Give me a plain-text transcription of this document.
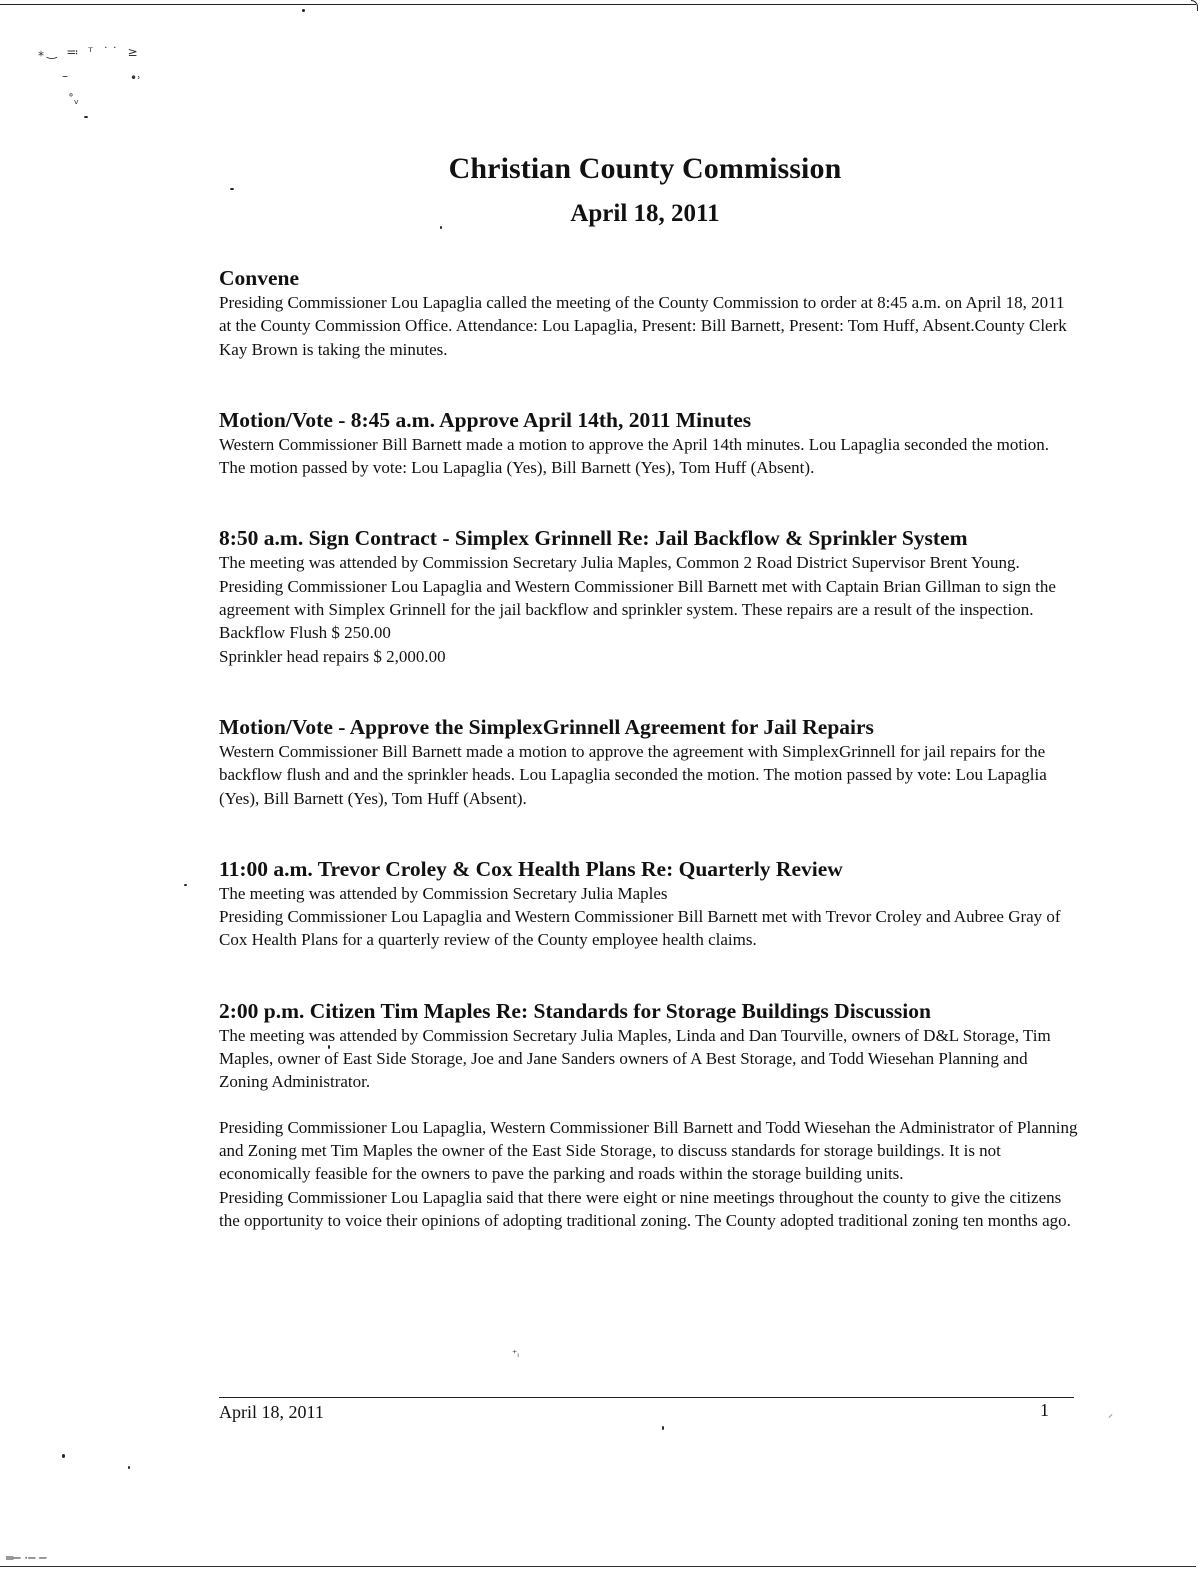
⁎‿ ≕ ᵀ ˙˙ ≥
–	•˒
˚ᵥ
⁺ᵢ
⸝
═─ ·─ ─
Christian County Commission
April 18, 2011
Convene

Presiding Commissioner Lou Lapaglia called the meeting of the County Commission to order at 8:45 a.m. on April 18, 2011 at the County Commission Office. Attendance: Lou Lapaglia, Present: Bill Barnett, Present: Tom Huff, Absent.County Clerk Kay Brown is taking the minutes.

Motion/Vote - 8:45 a.m. Approve April 14th, 2011 Minutes

Western Commissioner Bill Barnett made a motion to approve the April 14th minutes. Lou Lapaglia seconded the motion. The motion passed by vote: Lou Lapaglia (Yes), Bill Barnett (Yes), Tom Huff (Absent).

8:50 a.m. Sign Contract - Simplex Grinnell Re: Jail Backflow & Sprinkler System

The meeting was attended by Commission Secretary Julia Maples, Common 2 Road District Supervisor Brent Young.

Presiding Commissioner Lou Lapaglia and Western Commissioner Bill Barnett met with Captain Brian Gillman to sign the agreement with Simplex Grinnell for the jail backflow and sprinkler system. These repairs are a result of the inspection.

Backflow Flush $ 250.00

Sprinkler head repairs $ 2,000.00

Motion/Vote - Approve the SimplexGrinnell Agreement for Jail Repairs

Western Commissioner Bill Barnett made a motion to approve the agreement with SimplexGrinnell for jail repairs for the backflow flush and and the sprinkler heads. Lou Lapaglia seconded the motion. The motion passed by vote: Lou Lapaglia (Yes), Bill Barnett (Yes), Tom Huff (Absent).

11:00 a.m. Trevor Croley & Cox Health Plans Re: Quarterly Review

The meeting was attended by Commission Secretary Julia Maples

Presiding Commissioner Lou Lapaglia and Western Commissioner Bill Barnett met with Trevor Croley and Aubree Gray of Cox Health Plans for a quarterly review of the County employee health claims.

2:00 p.m. Citizen Tim Maples Re: Standards for Storage Buildings Discussion

The meeting was attended by Commission Secretary Julia Maples, Linda and Dan Tourville, owners of D&L Storage, Tim Maples, owner of East Side Storage, Joe and Jane Sanders owners of A Best Storage, and Todd Wiesehan Planning and Zoning Administrator.

Presiding Commissioner Lou Lapaglia, Western Commissioner Bill Barnett and Todd Wiesehan the Administrator of Planning and Zoning met Tim Maples the owner of the East Side Storage, to discuss standards for storage buildings. It is not economically feasible for the owners to pave the parking and roads within the storage building units.

Presiding Commissioner Lou Lapaglia said that there were eight or nine meetings throughout the county to give the citizens the opportunity to voice their opinions of adopting traditional zoning. The County adopted traditional zoning ten months ago.

April 18, 2011	1
